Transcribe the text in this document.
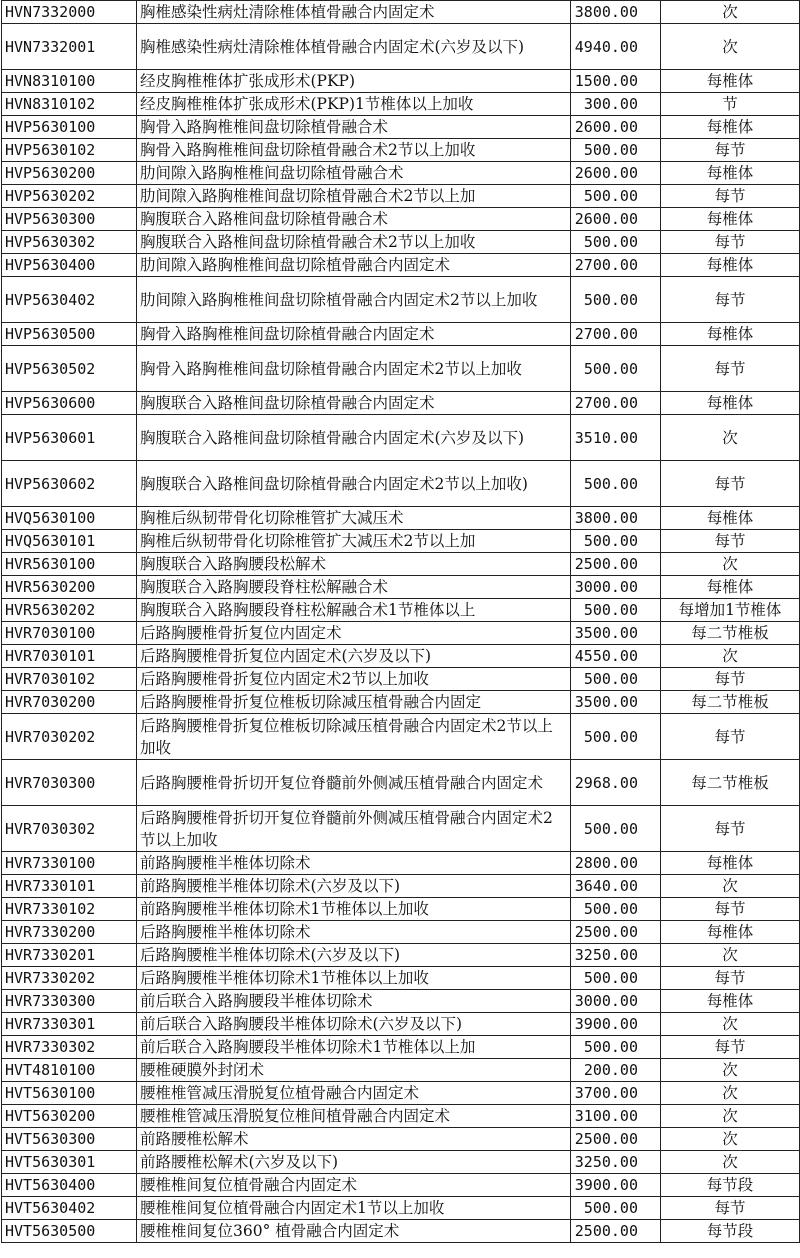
HVN7332000	胸椎感染性病灶清除椎体植骨融合内固定术	3800.00	次
HVN7332001	胸椎感染性病灶清除椎体植骨融合内固定术(六岁及以下)	4940.00	次
HVN8310100	经皮胸椎椎体扩张成形术(PKP)	1500.00	每椎体
HVN8310102	经皮胸椎椎体扩张成形术(PKP)1节椎体以上加收	300.00	节
HVP5630100	胸骨入路胸椎椎间盘切除植骨融合术	2600.00	每椎体
HVP5630102	胸骨入路胸椎椎间盘切除植骨融合术2节以上加收	500.00	每节
HVP5630200	肋间隙入路胸椎椎间盘切除植骨融合术	2600.00	每椎体
HVP5630202	肋间隙入路胸椎椎间盘切除植骨融合术2节以上加	500.00	每节
HVP5630300	胸腹联合入路椎间盘切除植骨融合术	2600.00	每椎体
HVP5630302	胸腹联合入路椎间盘切除植骨融合术2节以上加收	500.00	每节
HVP5630400	肋间隙入路胸椎椎间盘切除植骨融合内固定术	2700.00	每椎体
HVP5630402	肋间隙入路胸椎椎间盘切除植骨融合内固定术2节以上加收	500.00	每节
HVP5630500	胸骨入路胸椎椎间盘切除植骨融合内固定术	2700.00	每椎体
HVP5630502	胸骨入路胸椎椎间盘切除植骨融合内固定术2节以上加收	500.00	每节
HVP5630600	胸腹联合入路椎间盘切除植骨融合内固定术	2700.00	每椎体
HVP5630601	胸腹联合入路椎间盘切除植骨融合内固定术(六岁及以下)	3510.00	次
HVP5630602	胸腹联合入路椎间盘切除植骨融合内固定术2节以上加收)	500.00	每节
HVQ5630100	胸椎后纵韧带骨化切除椎管扩大减压术	3800.00	每椎体
HVQ5630101	胸椎后纵韧带骨化切除椎管扩大减压术2节以上加	500.00	每节
HVR5630100	胸腹联合入路胸腰段松解术	2500.00	次
HVR5630200	胸腹联合入路胸腰段脊柱松解融合术	3000.00	每椎体
HVR5630202	胸腹联合入路胸腰段脊柱松解融合术1节椎体以上	500.00	每增加1节椎体
HVR7030100	后路胸腰椎骨折复位内固定术	3500.00	每二节椎板
HVR7030101	后路胸腰椎骨折复位内固定术(六岁及以下)	4550.00	次
HVR7030102	后路胸腰椎骨折复位内固定术2节以上加收	500.00	每节
HVR7030200	后路胸腰椎骨折复位椎板切除减压植骨融合内固定	3500.00	每二节椎板
HVR7030202	后路胸腰椎骨折复位椎板切除减压植骨融合内固定术2节以上加收	500.00	每节
HVR7030300	后路胸腰椎骨折切开复位脊髓前外侧减压植骨融合内固定术	2968.00	每二节椎板
HVR7030302	后路胸腰椎骨折切开复位脊髓前外侧减压植骨融合内固定术2节以上加收	500.00	每节
HVR7330100	前路胸腰椎半椎体切除术	2800.00	每椎体
HVR7330101	前路胸腰椎半椎体切除术(六岁及以下)	3640.00	次
HVR7330102	前路胸腰椎半椎体切除术1节椎体以上加收	500.00	每节
HVR7330200	后路胸腰椎半椎体切除术	2500.00	每椎体
HVR7330201	后路胸腰椎半椎体切除术(六岁及以下)	3250.00	次
HVR7330202	后路胸腰椎半椎体切除术1节椎体以上加收	500.00	每节
HVR7330300	前后联合入路胸腰段半椎体切除术	3000.00	每椎体
HVR7330301	前后联合入路胸腰段半椎体切除术(六岁及以下)	3900.00	次
HVR7330302	前后联合入路胸腰段半椎体切除术1节椎体以上加	500.00	每节
HVT4810100	腰椎硬膜外封闭术	200.00	次
HVT5630100	腰椎椎管减压滑脱复位植骨融合内固定术	3700.00	次
HVT5630200	腰椎椎管减压滑脱复位椎间植骨融合内固定术	3100.00	次
HVT5630300	前路腰椎松解术	2500.00	次
HVT5630301	前路腰椎松解术(六岁及以下)	3250.00	次
HVT5630400	腰椎椎间复位植骨融合内固定术	3900.00	每节段
HVT5630402	腰椎椎间复位植骨融合内固定术1节以上加收	500.00	每节
HVT5630500	腰椎椎间复位360° 植骨融合内固定术	2500.00	每节段
